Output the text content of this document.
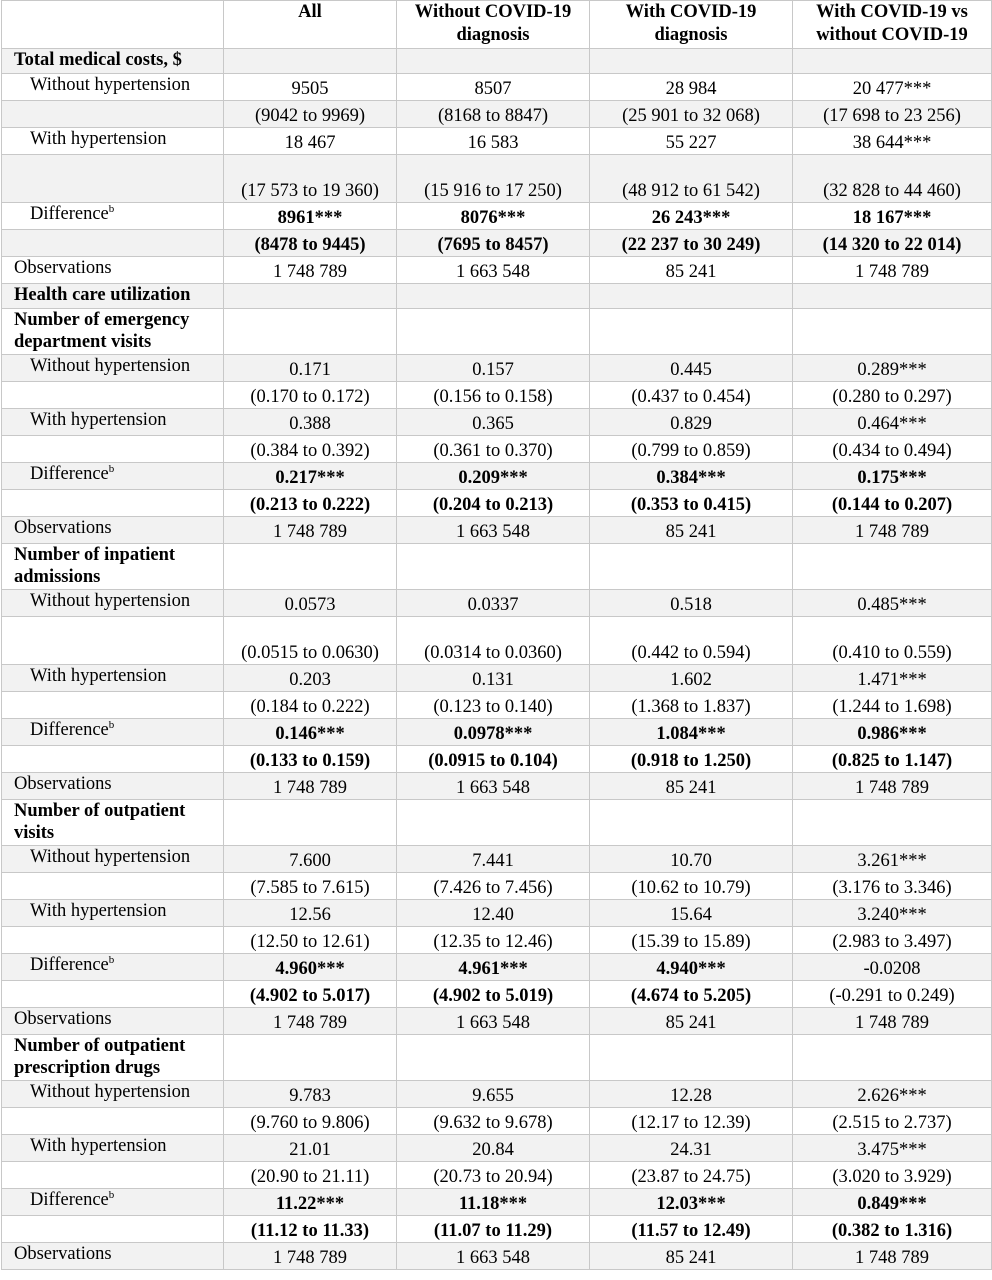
	All	Without COVID-19 diagnosis	With COVID-19 diagnosis	With COVID-19 vs without COVID-19
Total medical costs, $				
Without hypertension	9505	8507	28 984	20 477***
	(9042 to 9969)	(8168 to 8847)	(25 901 to 32 068)	(17 698 to 23 256)
With hypertension	18 467	16 583	55 227	38 644***
	(17 573 to 19 360)	(15 916 to 17 250)	(48 912 to 61 542)	(32 828 to 44 460)
Difference$^b$	8961***	8076***	26 243***	18 167***
	(8478 to 9445)	(7695 to 8457)	(22 237 to 30 249)	(14 320 to 22 014)
Observations	1 748 789	1 663 548	85 241	1 748 789
Health care utilization				
Number of emergency department visits				
Without hypertension	0.171	0.157	0.445	0.289***
	(0.170 to 0.172)	(0.156 to 0.158)	(0.437 to 0.454)	(0.280 to 0.297)
With hypertension	0.388	0.365	0.829	0.464***
	(0.384 to 0.392)	(0.361 to 0.370)	(0.799 to 0.859)	(0.434 to 0.494)
Difference$^b$	0.217***	0.209***	0.384***	0.175***
	(0.213 to 0.222)	(0.204 to 0.213)	(0.353 to 0.415)	(0.144 to 0.207)
Observations	1 748 789	1 663 548	85 241	1 748 789
Number of inpatient admissions				
Without hypertension	0.0573	0.0337	0.518	0.485***
	(0.0515 to 0.0630)	(0.0314 to 0.0360)	(0.442 to 0.594)	(0.410 to 0.559)
With hypertension	0.203	0.131	1.602	1.471***
	(0.184 to 0.222)	(0.123 to 0.140)	(1.368 to 1.837)	(1.244 to 1.698)
Difference$^b$	0.146***	0.0978***	1.084***	0.986***
	(0.133 to 0.159)	(0.0915 to 0.104)	(0.918 to 1.250)	(0.825 to 1.147)
Observations	1 748 789	1 663 548	85 241	1 748 789
Number of outpatient visits				
Without hypertension	7.600	7.441	10.70	3.261***
	(7.585 to 7.615)	(7.426 to 7.456)	(10.62 to 10.79)	(3.176 to 3.346)
With hypertension	12.56	12.40	15.64	3.240***
	(12.50 to 12.61)	(12.35 to 12.46)	(15.39 to 15.89)	(2.983 to 3.497)
Difference$^b$	4.960***	4.961***	4.940***	-0.0208
	(4.902 to 5.017)	(4.902 to 5.019)	(4.674 to 5.205)	(-0.291 to 0.249)
Observations	1 748 789	1 663 548	85 241	1 748 789
Number of outpatient prescription drugs				
Without hypertension	9.783	9.655	12.28	2.626***
	(9.760 to 9.806)	(9.632 to 9.678)	(12.17 to 12.39)	(2.515 to 2.737)
With hypertension	21.01	20.84	24.31	3.475***
	(20.90 to 21.11)	(20.73 to 20.94)	(23.87 to 24.75)	(3.020 to 3.929)
Difference$^b$	11.22***	11.18***	12.03***	0.849***
	(11.12 to 11.33)	(11.07 to 11.29)	(11.57 to 12.49)	(0.382 to 1.316)
Observations	1 748 789	1 663 548	85 241	1 748 789
